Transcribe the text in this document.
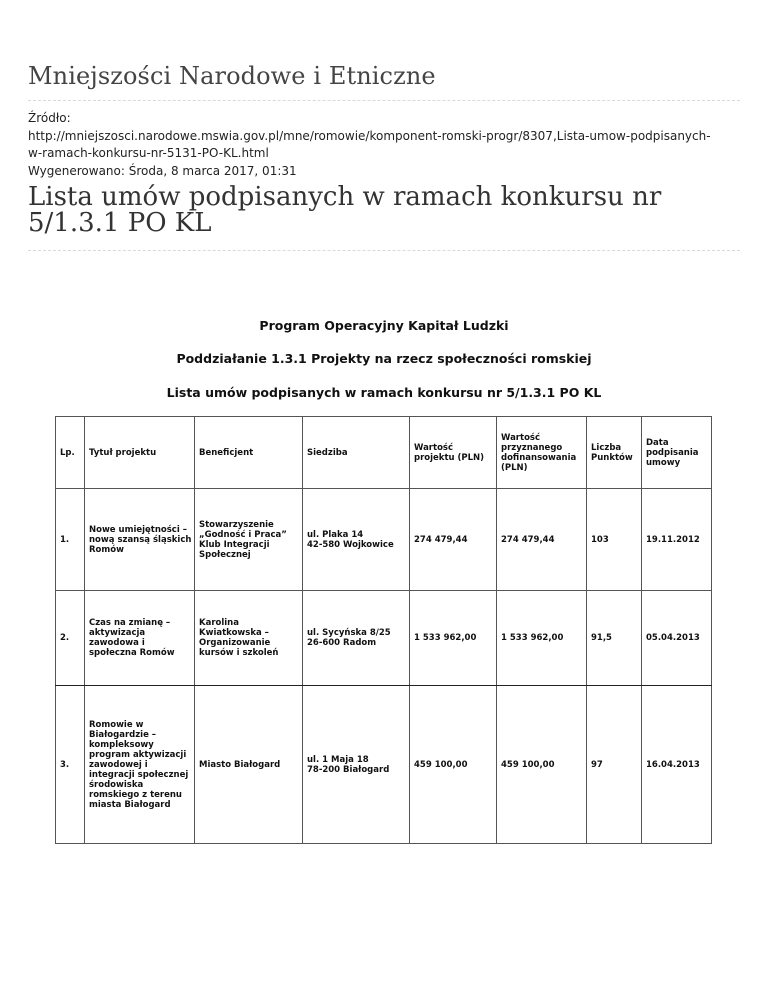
Mniejszości Narodowe i Etniczne
Źródło:
http://mniejszosci.narodowe.mswia.gov.pl/mne/romowie/komponent-romski-progr/8307,Lista-umow-podpisanych-w-ramach-konkursu-nr-5131-PO-KL.html
Wygenerowano: Środa, 8 marca 2017, 01:31
Lista umów podpisanych w ramach konkursu nr 5/1.3.1 PO KL

Program Operacyjny Kapitał Ludzki

Poddziałanie 1.3.1 Projekty na rzecz społeczności romskiej

Lista umów podpisanych w ramach konkursu nr 5/1.3.1 PO KL

Lp.	Tytuł projektu	Beneficjent	Siedziba	Wartość projektu (PLN)	Wartość przyznanego dofinansowania (PLN)	Liczba Punktów	Data podpisania umowy
1.	Nowe umiejętności – nową szansą śląskich Romów	Stowarzyszenie „Godność i Praca” Klub Integracji Społecznej	ul. Plaka 14
42-580 Wojkowice	274 479,44	274 479,44	103	19.11.2012
2.	Czas na zmianę – aktywizacja zawodowa i społeczna Romów	Karolina Kwiatkowska – Organizowanie kursów i szkoleń	ul. Sycyńska 8/25
26-600 Radom	1 533 962,00	1 533 962,00	91,5	05.04.2013
3.	Romowie w Białogardzie – kompleksowy program aktywizacji zawodowej i integracji społecznej środowiska romskiego z terenu miasta Białogard	Miasto Białogard	ul. 1 Maja 18
78-200 Białogard	459 100,00	459 100,00	97	16.04.2013
